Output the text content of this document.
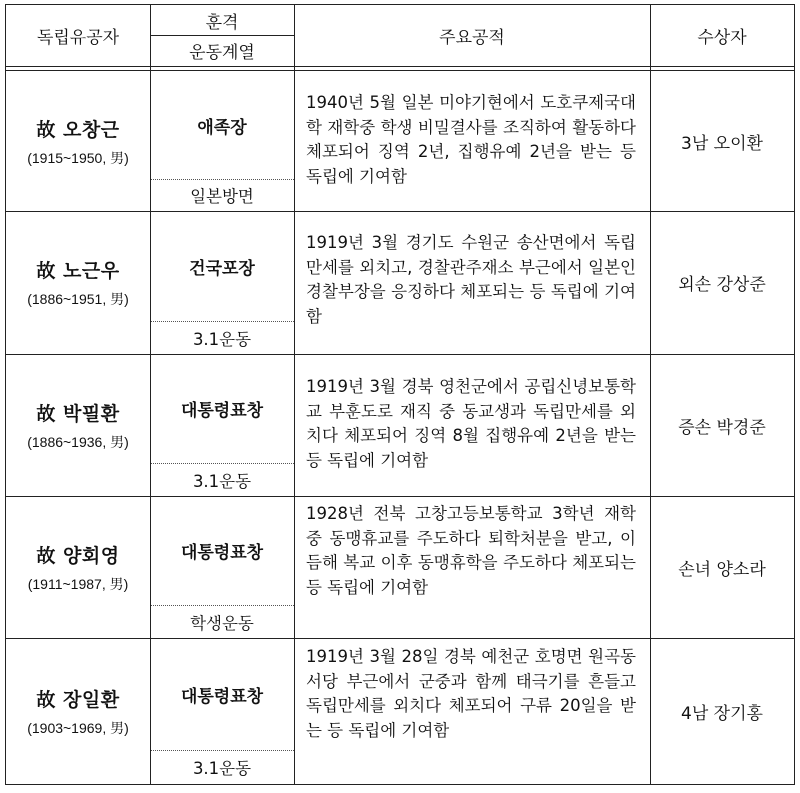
독립유공자
훈격
운동계열
주요공적	수상자
故 오창근
(1915~1950, 男)
애족장
일본방면
1940년 5월 일본 미야기현에서 도호쿠제국대학 재학중 학생 비밀결사를 조직하여 활동하다 체포되어 징역 2년, 집행유예 2년을 받는 등 독립에 기여함
3남 오이환
故 노근우
(1886~1951, 男)
건국포장
3.1운동
1919년 3월 경기도 수원군 송산면에서 독립만세를 외치고, 경찰관주재소 부근에서 일본인 경찰부장을 응징하다 체포되는 등 독립에 기여함
외손 강상준
故 박필환
(1886~1936, 男)
대통령표창
3.1운동
1919년 3월 경북 영천군에서 공립신녕보통학교 부훈도로 재직 중 동교생과 독립만세를 외치다 체포되어 징역 8월 집행유예 2년을 받는 등 독립에 기여함
증손 박경준
故 양회영
(1911~1987, 男)
대통령표창
학생운동
1928년 전북 고창고등보통학교 3학년 재학 중 동맹휴교를 주도하다 퇴학처분을 받고, 이듬해 복교 이후 동맹휴학을 주도하다 체포되는 등 독립에 기여함
손녀 양소라
故 장일환
(1903~1969, 男)
대통령표창
3.1운동
1919년 3월 28일 경북 예천군 호명면 원곡동 서당 부근에서 군중과 함께 태극기를 흔들고 독립만세를 외치다 체포되어 구류 20일을 받는 등 독립에 기여함
4남 장기홍
